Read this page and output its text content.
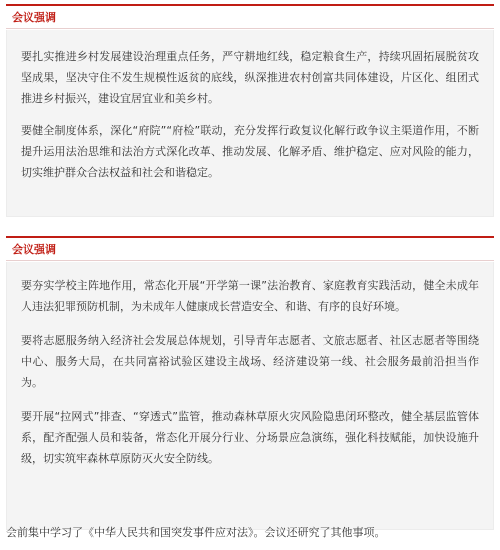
会议强调

要扎实推进乡村发展建设治理重点任务，严守耕地红线，稳定粮食生产，持续巩固拓展脱贫攻坚成果，坚决守住不发生规模性返贫的底线，纵深推进农村创富共同体建设，片区化、组团式推进乡村振兴，建设宜居宜业和美乡村。

要健全制度体系，深化“府院”“府检”联动，充分发挥行政复议化解行政争议主渠道作用，不断提升运用法治思维和法治方式深化改革、推动发展、化解矛盾、维护稳定、应对风险的能力，切实维护群众合法权益和社会和谐稳定。

会议强调

要夯实学校主阵地作用，常态化开展“开学第一课”法治教育、家庭教育实践活动，健全未成年人违法犯罪预防机制，为未成年人健康成长营造安全、和谐、有序的良好环境。

要将志愿服务纳入经济社会发展总体规划，引导青年志愿者、文旅志愿者、社区志愿者等围绕中心、服务大局，在共同富裕试验区建设主战场、经济建设第一线、社会服务最前沿担当作为。

要开展“拉网式”排查、“穿透式”监管，推动森林草原火灾风险隐患闭环整改，健全基层监管体系，配齐配强人员和装备，常态化开展分行业、分场景应急演练，强化科技赋能，加快设施升级，切实筑牢森林草原防灭火安全防线。

会前集中学习了《中华人民共和国突发事件应对法》。会议还研究了其他事项。
